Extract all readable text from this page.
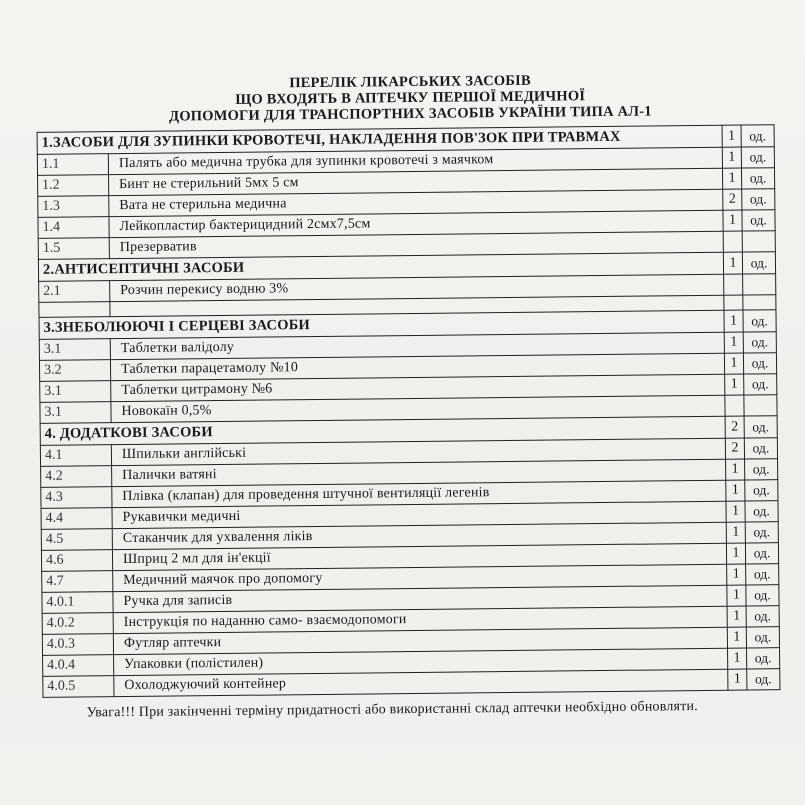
ПЕРЕЛІК ЛІКАРСЬКИХ ЗАСОБІВ
ЩО ВХОДЯТЬ В АПТЕЧКУ ПЕРШОЇ МЕДИЧНОЇ
ДОПОМОГИ ДЛЯ ТРАНСПОРТНИХ ЗАСОБІВ УКРАЇНИ ТИПА АЛ-1
1.ЗАСОБИ ДЛЯ ЗУПИНКИ КРОВОТЕЧІ, НАКЛАДЕННЯ ПОВ'ЗОК ПРИ ТРАВМАХ		1	од.
1.1	Палять або медична трубка для зупинки кровотечі з маячком	1	од.
1.2	Бинт не стерильний 5мх 5 см	1	од.
1.3	Вата не стерильна медична	2	од.
1.4	Лейкопластир бактерицидний 2смх7,5см	1	од.
1.5	Презерватив		
2.АНТИСЕПТИЧНІ ЗАСОБИ		1	од.
2.1	Розчин перекису водню 3%		

3.ЗНЕБОЛЮЮЧІ І СЕРЦЕВІ ЗАСОБИ		1	од.
3.1	Таблетки валідолу	1	од.
3.2	Таблетки парацетамолу №10	1	од.
3.1	Таблетки цитрамону №6	1	од.
3.1	Новокаїн 0,5%		
4. ДОДАТКОВІ ЗАСОБИ		2	од.
4.1	Шпильки англійські	2	од.
4.2	Палички ватяні	1	од.
4.3	Плівка (клапан) для проведення штучної вентиляції легенів	1	од.
4.4	Рукавички медичні	1	од.
4.5	Стаканчик для ухвалення ліків	1	од.
4.6	Шприц 2 мл для ін'екції	1	од.
4.7	Медичний маячок про допомогу	1	од.
4.0.1	Ручка для записів	1	од.
4.0.2	Інструкція по наданню само- взаємодопомоги	1	од.
4.0.3	Футляр аптечки	1	од.
4.0.4	Упаковки (полістилен)	1	од.
4.0.5	Охолоджуючий контейнер	1	од.
Увага!!! При закінченні терміну придатності або використанні склад аптечки необхідно обновляти.
